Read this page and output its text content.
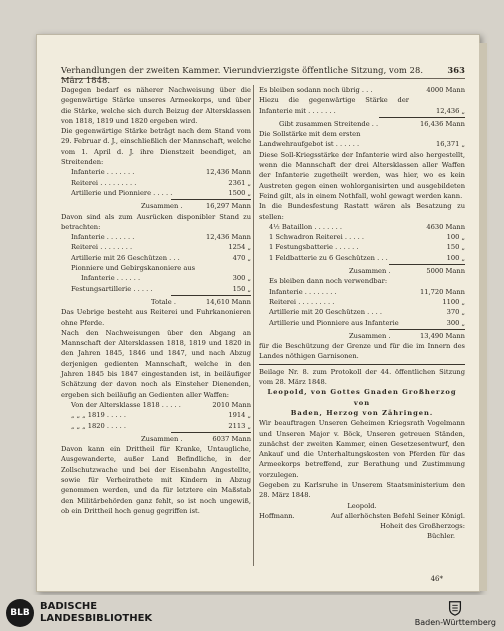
Verhandlungen der zweiten Kammer. Vierundvierzigste öffentliche Sitzung, vom 28. März 1848.
363
Dagegen bedarf es näherer Nachweisung über die gegenwärtige Stärke unseres Armeekorps, und über die Stärke, welche sich durch Beizug der Altersklassen von 1818, 1819 und 1820 ergeben wird.
Die gegenwärtige Stärke beträgt nach dem Stand vom 29. Februar d. J., einschließlich der Mannschaft, welche vom 1. April d. J. ihre Dienstzeit beendiget, an Streitenden:
Infanterie . . . . . . .	12,436 Mann
Reiterei . . . . . . . . .	2361 „
Artillerie und Pionniere . . . . .	1500 „
Zusammen .	16,297 Mann
Davon sind als zum Ausrücken disponibler Stand zu betrachten:
Infanterie . . . . . . .	12,436 Mann
Reiterei . . . . . . . .	1254 „
Artillerie mit 26 Geschützen . . .	470 „
Pionniere und Gebirgskanoniere aus
Infanterie . . . . . .	300 „
Festungsartillerie . . . . .	150 „
Totale .	14,610 Mann
Das Uebrige besteht aus Reiterei und Fuhrkanonieren ohne Pferde.
Nach den Nachweisungen über den Abgang an Mannschaft der Altersklassen 1818, 1819 und 1820 in den Jahren 1845, 1846 und 1847, und nach Abzug derjenigen gedienten Mannschaft, welche in den Jahren 1845 bis 1847 eingestanden ist, in beiläufiger Schätzung der davon noch als Einsteher Dienenden, ergeben sich beiläufig an Gedienten aller Waffen:
Von der Altersklasse 1818 . . . . .	2010 Mann
„ „ „ 1819 . . . . .	1914 „
„ „ „ 1820 . . . . .	2113 „
Zusammen .	6037 Mann
Davon kann ein Drittheil für Kranke, Untaugliche, Ausgewanderte, außer Land Befindliche, in der Zollschutzwache und bei der Eisenbahn Angestellte, sowie für Verheirathete mit Kindern in Abzug genommen werden, und da für letztere ein Maßstab den Militärbehörden ganz fehlt, so ist noch ungewiß, ob ein Drittheil hoch genug gegriffen ist.
Es bleiben sodann noch übrig . . .	4000 Mann
Hiezu die gegenwärtige Stärke der Infanterie mit . . . . . . .	12,436 „
Gibt zusammen Streitende . .	16,436 Mann
Die Sollstärke mit dem ersten Landwehraufgebot ist . . . . . .	16,371 „
Diese Soll-Kriegsstärke der Infanterie wird also hergestellt, wenn die Mannschaft der drei Altersklassen aller Waffen der Infanterie zugetheilt werden, was hier, wo es kein Austreten gegen einen wohlorganisirten und ausgebildeten Feind gilt, als in einem Nothfall, wohl gewagt werden kann.
In die Bundesfestung Rastatt wären als Besatzung zu stellen:
4½ Bataillon . . . . . . .	4630 Mann
1 Schwadron Reiterei . . . . .	100 „
1 Festungsbatterie . . . . . .	150 „
1 Feldbatterie zu 6 Geschützen . . .	100 „
Zusammen .	5000 Mann
Es bleiben dann noch verwendbar:
Infanterie . . . . . . . .	11,720 Mann
Reiterei . . . . . . . . .	1100 „
Artillerie mit 20 Geschützen . . . .	370 „
Artillerie und Pionniere aus Infanterie	300 „
Zusammen .	13,490 Mann
für die Beschützung der Grenze und für die im Innern des Landes nöthigen Garnisonen.
Beilage Nr. 8. zum Protokoll der 44. öffentlichen Sitzung vom 28. März 1848.
Leopold, von Gottes Gnaden Großherzog von
Baden, Herzog von Zähringen.
Wir beauftragen Unseren Geheimen Kriegsrath Vogelmann und Unseren Major v. Böck, Unseren getreuen Ständen, zunächst der zweiten Kammer, einen Gesetzesentwurf, den Ankauf und die Unterhaltungskosten von Pferden für das Armeekorps betreffend, zur Berathung und Zustimmung vorzulegen.
Gegeben zu Karlsruhe in Unserem Staatsministerium den 28. März 1848.
Leopold.
Hoffmann.	Auf allerhöchsten Befehl Seiner Königl.
Hoheit des Großherzogs:
Büchler.
46*
BLB
BADISCHE
LANDESBIBLIOTHEK	Baden-Württemberg
